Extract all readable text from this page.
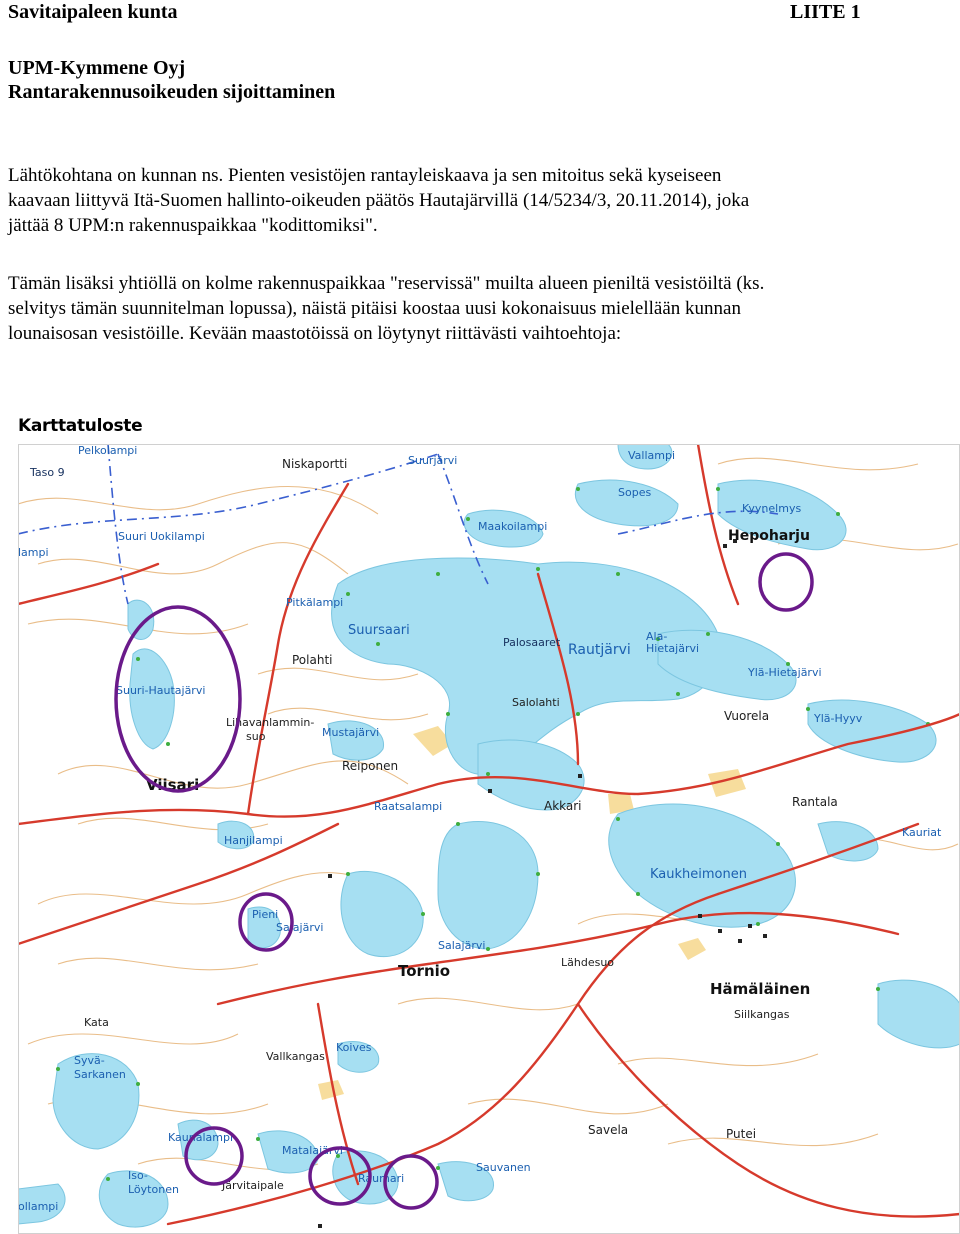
Savitaipaleen kunta	LIITE 1
UPM-Kymmene Oyj
Rantarakennusoikeuden sijoittaminen
Lähtökohtana on kunnan ns. Pienten vesistöjen rantayleiskaava ja sen mitoitus sekä kyseiseen
kaavaan liittyvä Itä-Suomen hallinto-oikeuden päätös Hautajärvillä (14/5234/3, 20.11.2014), joka
jättää 8 UPM:n rakennuspaikkaa "kodittomiksi".
Tämän lisäksi yhtiöllä on kolme rakennuspaikkaa "reservissä" muilta alueen pieniltä vesistöiltä (ks.
selvitys tämän suunnitelman lopussa), näistä pitäisi koostaa uusi kokonaisuus mielellään kunnan
lounaisosan vesistöille. Kevään maastotöissä on löytynyt riittävästi vaihtoehtoja:
Karttatuloste
Taso 9
Pelkolampi
Suurjärvi	Vallampi
Sopes
Kyynelmys
Maakoilampi
Suuri Uokilampi
lampi
Ala-
Hietajärvi
Ylä-Hietajärvi
Pitkälampi
Suuri-Hautajärvi
Mustajärvi
Ylä-Hyyv
Raatsalampi
Kauriat
Hanjilampi
Salajärvi
Salajärvi
Syvä-
Sarkanen
Koives
Kaunalampi
Matalajärvi
Iso-
Löytonen
Raumari
Sauvanen
ollampi
Suursaari
Palosaaret Rautjärvi
Kaukheimonen
Niskaportti
Polahti
Lihavanlammin-
suo
Salolahti
Vuorela
Reiponen
Akkari	Rantala
Pieni
Lähdesuo
Siilkangas
Kata
Vallkangas
Savela	Putei
Järvitaipale
Hepoharju
Viisari
Tornio
Hämäläinen
